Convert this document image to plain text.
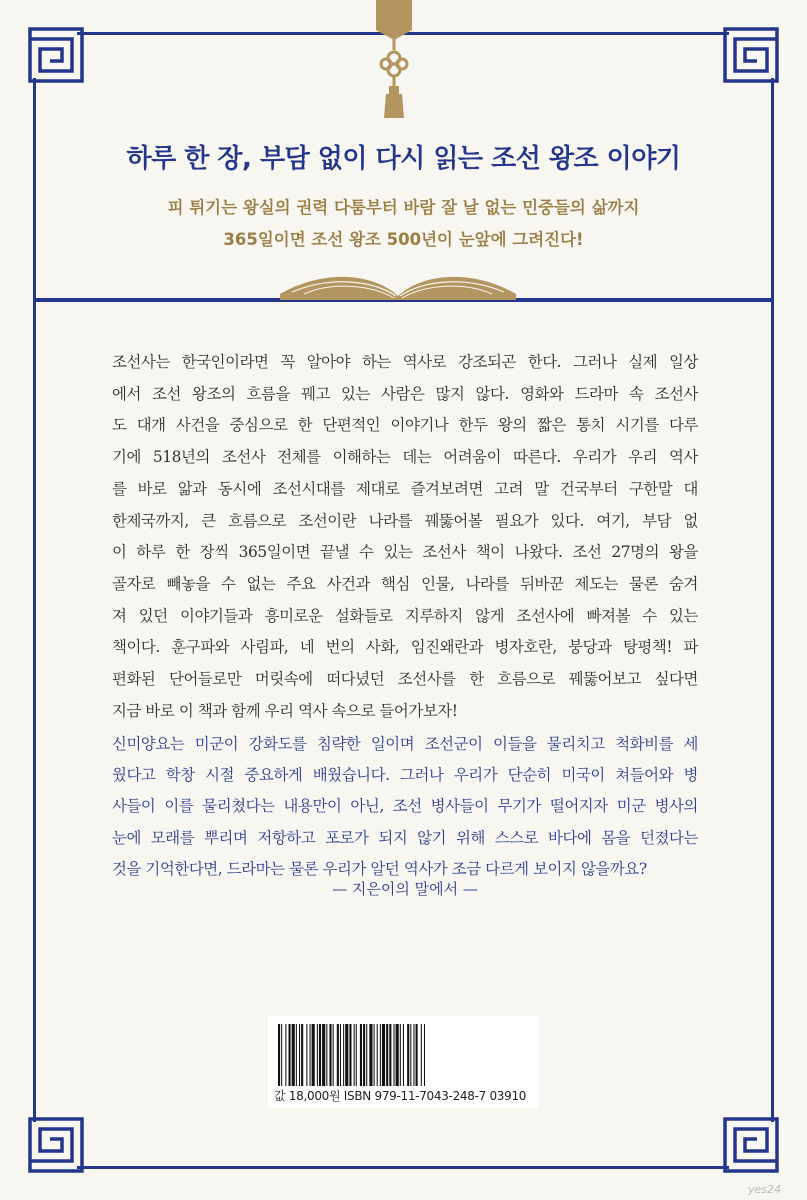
하루 한 장, 부담 없이 다시 읽는 조선 왕조 이야기
피 튀기는 왕실의 권력 다툼부터 바람 잘 날 없는 민중들의 삶까지
365일이면 조선 왕조 500년이 눈앞에 그려진다!
조선사는 한국인이라면 꼭 알아야 하는 역사로 강조되곤 한다. 그러나 실제 일상
에서 조선 왕조의 흐름을 꿰고 있는 사람은 많지 않다. 영화와 드라마 속 조선사
도 대개 사건을 중심으로 한 단편적인 이야기나 한두 왕의 짧은 통치 시기를 다루
기에 518년의 조선사 전체를 이해하는 데는 어려움이 따른다. 우리가 우리 역사
를 바로 앎과 동시에 조선시대를 제대로 즐겨보려면 고려 말 건국부터 구한말 대
한제국까지, 큰 흐름으로 조선이란 나라를 꿰뚫어볼 필요가 있다. 여기, 부담 없
이 하루 한 장씩 365일이면 끝낼 수 있는 조선사 책이 나왔다. 조선 27명의 왕을
골자로 빼놓을 수 없는 주요 사건과 핵심 인물, 나라를 뒤바꾼 제도는 물론 숨겨
져 있던 이야기들과 흥미로운 설화들로 지루하지 않게 조선사에 빠져볼 수 있는
책이다. 훈구파와 사림파, 네 번의 사화, 임진왜란과 병자호란, 붕당과 탕평책! 파
편화된 단어들로만 머릿속에 떠다녔던 조선사를 한 흐름으로 꿰뚫어보고 싶다면
지금 바로 이 책과 함께 우리 역사 속으로 들어가보자!
신미양요는 미군이 강화도를 침략한 일이며 조선군이 이들을 물리치고 척화비를 세
웠다고 학창 시절 중요하게 배웠습니다. 그러나 우리가 단순히 미국이 쳐들어와 병
사들이 이를 물리쳤다는 내용만이 아닌, 조선 병사들이 무기가 떨어지자 미군 병사의
눈에 모래를 뿌리며 저항하고 포로가 되지 않기 위해 스스로 바다에 몸을 던졌다는
것을 기억한다면, 드라마는 물론 우리가 알던 역사가 조금 다르게 보이지 않을까요?
— 지은이의 말에서 —
값 18,000원 ISBN 979-11-7043-248-7 03910
yes24
